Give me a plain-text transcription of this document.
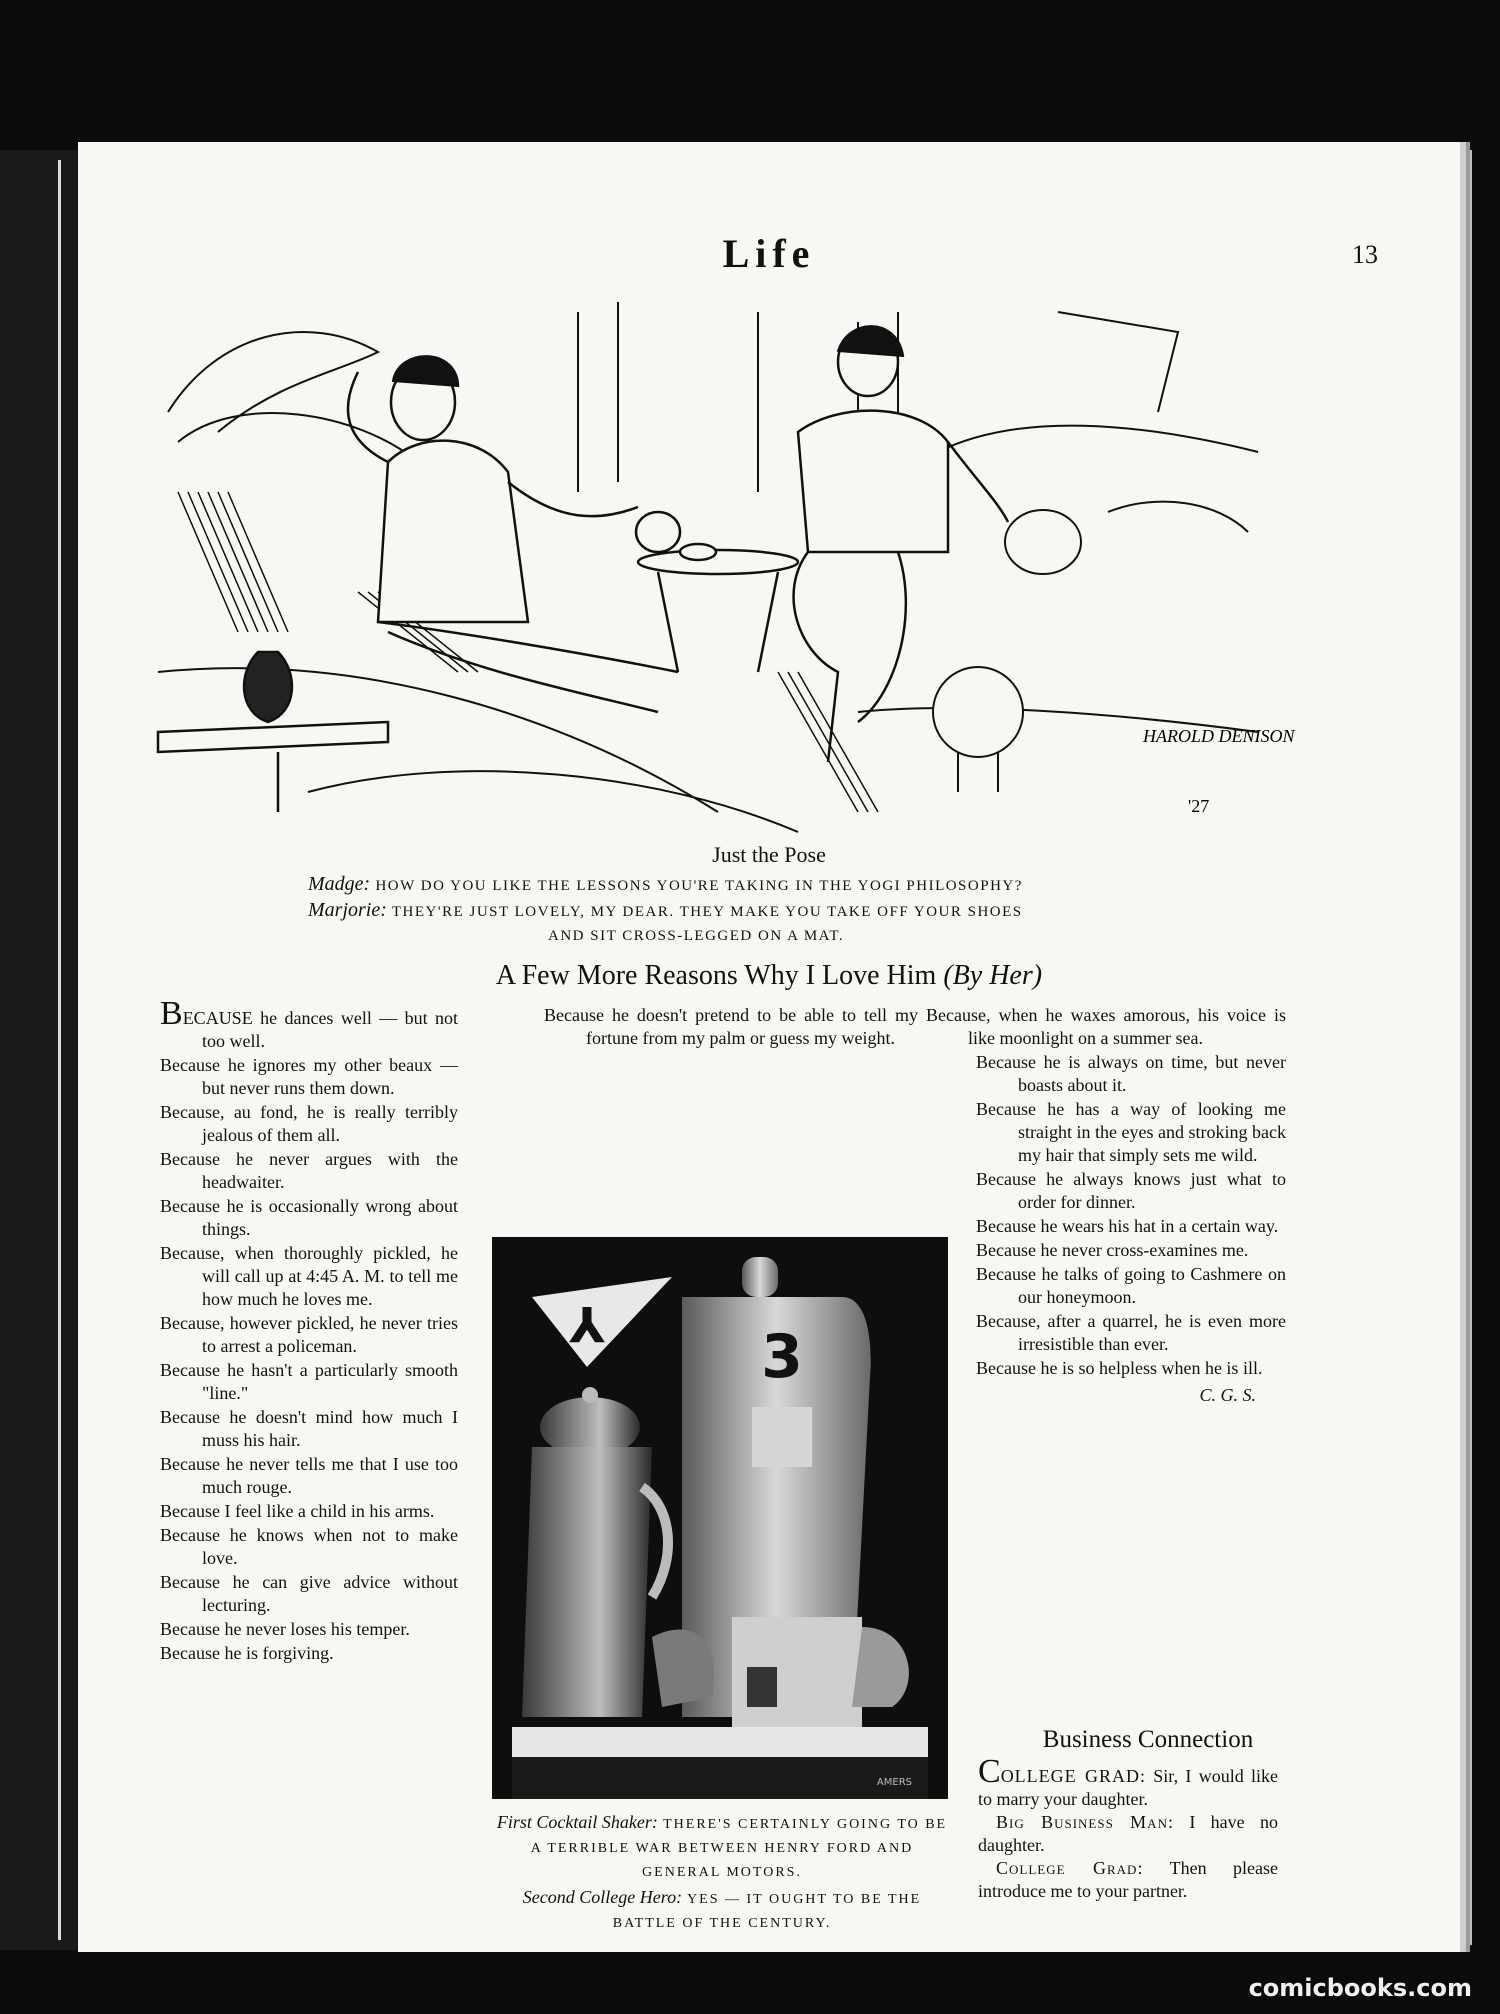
Life	13
HAROLD DENISON
'27
Just the Pose
Madge: HOW DO YOU LIKE THE LESSONS YOU'RE TAKING IN THE YOGI PHILOSOPHY?
Marjorie: THEY'RE JUST LOVELY, MY DEAR. THEY MAKE YOU TAKE OFF YOUR SHOES
AND SIT CROSS-LEGGED ON A MAT.
A Few More Reasons Why I Love Him (By Her)

BECAUSE he dances well — but not too well.

Because he ignores my other beaux —but never runs them down.

Because, au fond, he is really terribly jealous of them all.

Because he never argues with the headwaiter.

Because he is occasionally wrong about things.

Because, when thoroughly pickled, he will call up at 4:45 A. M. to tell me how much he loves me.

Because, however pickled, he never tries to arrest a policeman.

Because he hasn't a particularly smooth "line."

Because he doesn't mind how much I muss his hair.

Because he never tells me that I use too much rouge.

Because I feel like a child in his arms.

Because he knows when not to make love.

Because he can give advice without lecturing.

Because he never loses his temper.

Because he is forgiving.

Because he doesn't pretend to be able to tell my fortune from my palm or guess my weight.

Because, when he waxes amorous, his voice is like moonlight on a summer sea.

Because he is always on time, but never boasts about it.

Because he has a way of looking me straight in the eyes and stroking back my hair that simply sets me wild.

Because he always knows just what to order for dinner.

Because he wears his hat in a certain way.

Because he never cross-examines me.

Because he talks of going to Cashmere on our honeymoon.

Because, after a quarrel, he is even more irresistible than ever.

Because he is so helpless when he is ill.

C. G. S.
Y	3
AMERS
First Cocktail Shaker: THERE'S CERTAINLY GOING TO BE A TERRIBLE WAR BETWEEN HENRY FORD AND GENERAL MOTORS.
Second College Hero: YES — IT OUGHT TO BE THE BATTLE OF THE CENTURY.
Business Connection

COLLEGE GRAD: Sir, I would like to marry your daughter.

Big Business Man: I have no daughter.

College Grad: Then please introduce me to your partner.

comicbooks.com
